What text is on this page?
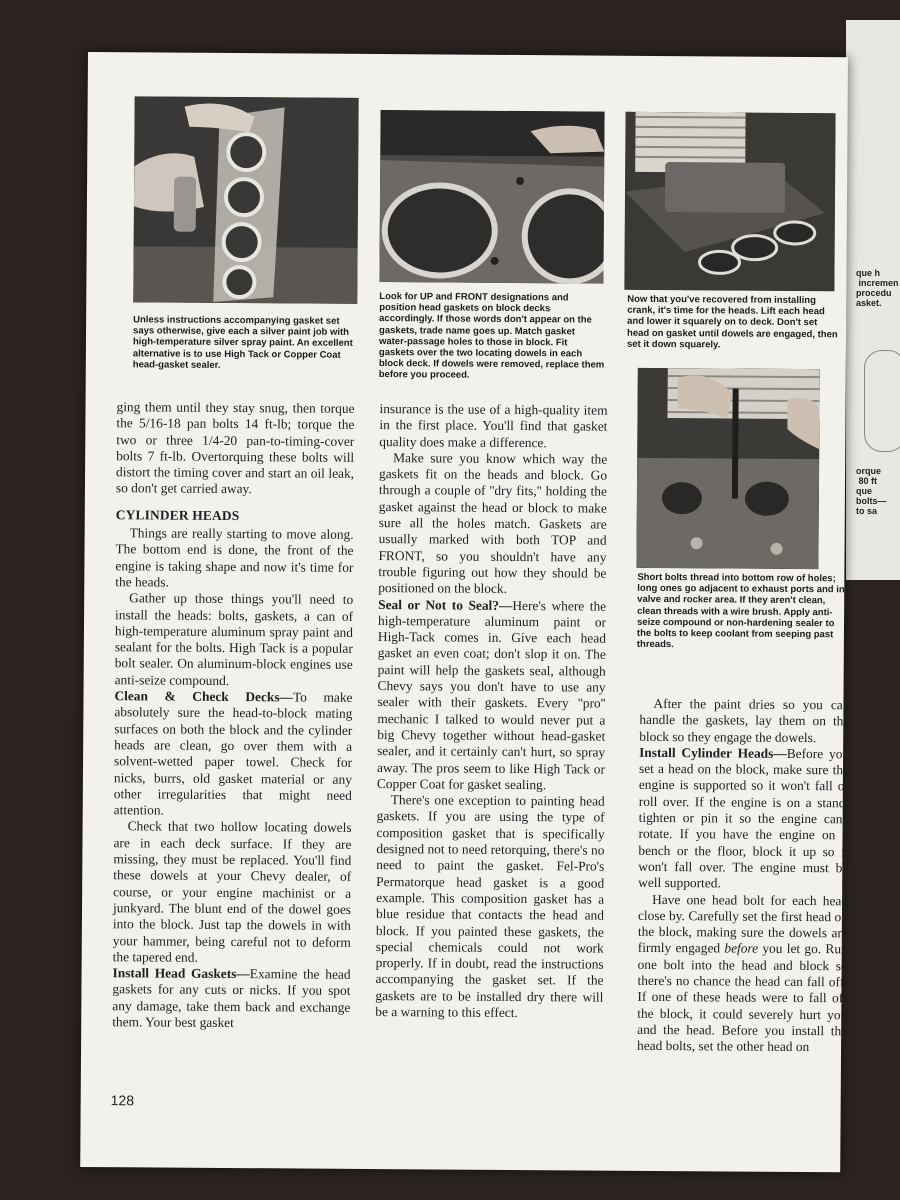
que h
incremen
procedu
asket.
orque
80 ft
que
bolts—
to sa
Unless instructions accompanying gasket set says otherwise, give each a silver paint job with high-temperature silver spray paint. An excellent alternative is to use High Tack or Copper Coat head-gasket sealer.
Look for UP and FRONT designations and position head gaskets on block decks accordingly. If those words don't appear on the gaskets, trade name goes up. Match gasket water-passage holes to those in block. Fit gaskets over the two locating dowels in each block deck. If dowels were removed, replace them before you proceed.
Now that you've recovered from installing crank, it's time for the heads. Lift each head and lower it squarely on to deck. Don't set head on gasket until dowels are engaged, then set it down squarely.
Short bolts thread into bottom row of holes; long ones go adjacent to exhaust ports and in valve and rocker area. If they aren't clean, clean threads with a wire brush. Apply anti-seize compound or non-hardening sealer to the bolts to keep coolant from seeping past threads.

ging them until they stay snug, then torque the 5/16-18 pan bolts 14 ft-lb; torque the two or three 1/4-20 pan-to-timing-cover bolts 7 ft-lb. Overtorquing these bolts will distort the timing cover and start an oil leak, so don't get carried away.

CYLINDER HEADS

Things are really starting to move along. The bottom end is done, the front of the engine is taking shape and now it's time for the heads.

Gather up those things you'll need to install the heads: bolts, gaskets, a can of high-temperature aluminum spray paint and sealant for the bolts. High Tack is a popular bolt sealer. On aluminum-block engines use anti-seize compound.

Clean & Check Decks—To make absolutely sure the head-to-block mating surfaces on both the block and the cylinder heads are clean, go over them with a solvent-wetted paper towel. Check for nicks, burrs, old gasket material or any other irregularities that might need attention.

Check that two hollow locating dowels are in each deck surface. If they are missing, they must be replaced. You'll find these dowels at your Chevy dealer, of course, or your engine machinist or a junkyard. The blunt end of the dowel goes into the block. Just tap the dowels in with your hammer, being careful not to deform the tapered end.

Install Head Gaskets—Examine the head gaskets for any cuts or nicks. If you spot any damage, take them back and exchange them. Your best gasket

insurance is the use of a high-quality item in the first place. You'll find that gasket quality does make a difference.

Make sure you know which way the gaskets fit on the heads and block. Go through a couple of ''dry fits,'' holding the gasket against the head or block to make sure all the holes match. Gaskets are usually marked with both TOP and FRONT, so you shouldn't have any trouble figuring out how they should be positioned on the block.

Seal or Not to Seal?—Here's where the high-temperature aluminum paint or High-Tack comes in. Give each head gasket an even coat; don't slop it on. The paint will help the gaskets seal, although Chevy says you don't have to use any sealer with their gaskets. Every ''pro'' mechanic I talked to would never put a big Chevy together without head-gasket sealer, and it certainly can't hurt, so spray away. The pros seem to like High Tack or Copper Coat for gasket sealing.

There's one exception to painting head gaskets. If you are using the type of composition gasket that is specifically designed not to need retorquing, there's no need to paint the gasket. Fel-Pro's Permatorque head gasket is a good example. This composition gasket has a blue residue that contacts the head and block. If you painted these gaskets, the special chemicals could not work properly. If in doubt, read the instructions accompanying the gasket set. If the gaskets are to be installed dry there will be a warning to this effect.

After the paint dries so you can handle the gaskets, lay them on the block so they engage the dowels.

Install Cylinder Heads—Before you set a head on the block, make sure the engine is supported so it won't fall or roll over. If the engine is on a stand, tighten or pin it so the engine can't rotate. If you have the engine on a bench or the floor, block it up so it won't fall over. The engine must be well supported.

Have one head bolt for each head close by. Carefully set the first head on the block, making sure the dowels are firmly engaged before you let go. Run one bolt into the head and block so there's no chance the head can fall off. If one of these heads were to fall off the block, it could severely hurt you and the head. Before you install the head bolts, set the other head on

128
